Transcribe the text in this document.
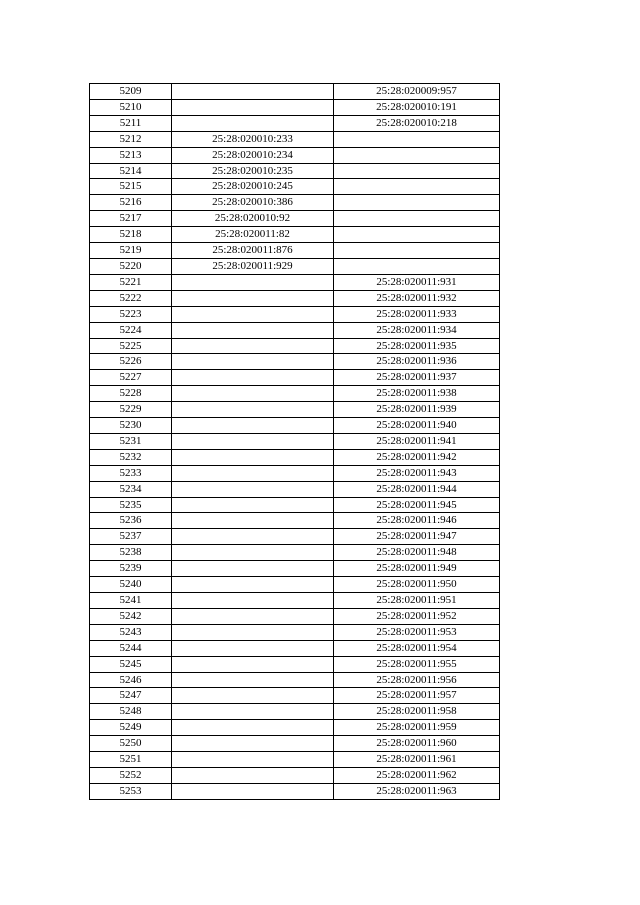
5209		25:28:020009:957
5210		25:28:020010:191
5211		25:28:020010:218
5212	25:28:020010:233	
5213	25:28:020010:234	
5214	25:28:020010:235	
5215	25:28:020010:245	
5216	25:28:020010:386	
5217	25:28:020010:92	
5218	25:28:020011:82	
5219	25:28:020011:876	
5220	25:28:020011:929	
5221		25:28:020011:931
5222		25:28:020011:932
5223		25:28:020011:933
5224		25:28:020011:934
5225		25:28:020011:935
5226		25:28:020011:936
5227		25:28:020011:937
5228		25:28:020011:938
5229		25:28:020011:939
5230		25:28:020011:940
5231		25:28:020011:941
5232		25:28:020011:942
5233		25:28:020011:943
5234		25:28:020011:944
5235		25:28:020011:945
5236		25:28:020011:946
5237		25:28:020011:947
5238		25:28:020011:948
5239		25:28:020011:949
5240		25:28:020011:950
5241		25:28:020011:951
5242		25:28:020011:952
5243		25:28:020011:953
5244		25:28:020011:954
5245		25:28:020011:955
5246		25:28:020011:956
5247		25:28:020011:957
5248		25:28:020011:958
5249		25:28:020011:959
5250		25:28:020011:960
5251		25:28:020011:961
5252		25:28:020011:962
5253		25:28:020011:963
